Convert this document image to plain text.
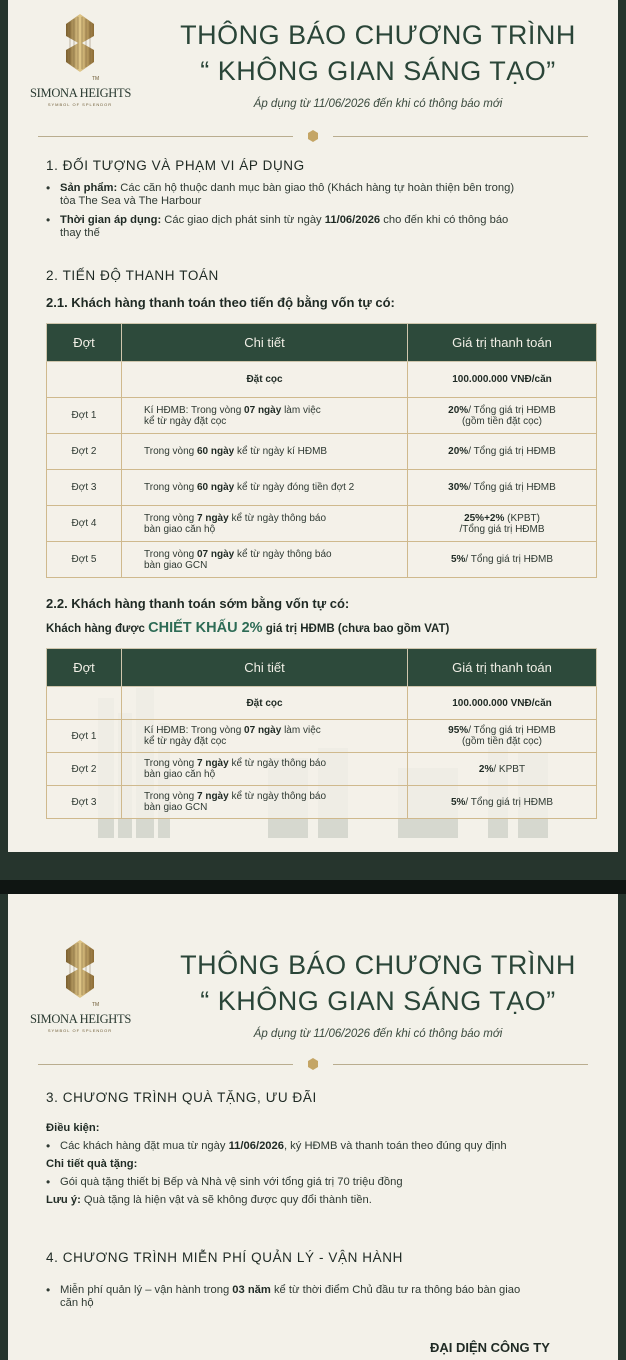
TM
SIMONA HEIGHTS
SYMBOL OF SPLENDOR
THÔNG BÁO CHƯƠNG TRÌNH
“ KHÔNG GIAN SÁNG TẠO”
Áp dụng từ 11/06/2026 đến khi có thông báo mới
1. ĐỐI TƯỢNG VÀ PHẠM VI ÁP DỤNG
• Sản phẩm: Các căn hộ thuộc danh mục bàn giao thô (Khách hàng tự hoàn thiện bên trong)
tòa The Sea và The Harbour
• Thời gian áp dụng: Các giao dịch phát sinh từ ngày 11/06/2026 cho đến khi có thông báo
thay thế
2. TIẾN ĐỘ THANH TOÁN
2.1. Khách hàng thanh toán theo tiến độ bằng vốn tự có:
Đợt	Chi tiết	Giá trị thanh toán
	Đặt cọc	100.000.000 VNĐ/căn
Đợt 1	Kí HĐMB: Trong vòng 07 ngày làm việc
kể từ ngày đặt cọc	20%/ Tổng giá trị HĐMB
(gồm tiền đặt cọc)
Đợt 2	Trong vòng 60 ngày kể từ ngày kí HĐMB	20%/ Tổng giá trị HĐMB
Đợt 3	Trong vòng 60 ngày kể từ ngày đóng tiền đợt 2	30%/ Tổng giá trị HĐMB
Đợt 4	Trong vòng 7 ngày kể từ ngày thông báo
bàn giao căn hộ	25%+2% (KPBT)
/Tổng giá trị HĐMB
Đợt 5	Trong vòng 07 ngày kể từ ngày thông báo
bàn giao GCN	5%/ Tổng giá trị HĐMB
2.2. Khách hàng thanh toán sớm bằng vốn tự có:
Khách hàng được CHIẾT KHẤU 2% giá trị HĐMB (chưa bao gồm VAT)
Đợt	Chi tiết	Giá trị thanh toán
	Đặt cọc	100.000.000 VNĐ/căn
Đợt 1	Kí HĐMB: Trong vòng 07 ngày làm việc
kể từ ngày đặt cọc	95%/ Tổng giá trị HĐMB
(gồm tiền đặt cọc)
Đợt 2	Trong vòng 7 ngày kể từ ngày thông báo
bàn giao căn hộ	2%/ KPBT
Đợt 3	Trong vòng 7 ngày kể từ ngày thông báo
bàn giao GCN	5%/ Tổng giá trị HĐMB
TM
SIMONA HEIGHTS
SYMBOL OF SPLENDOR
THÔNG BÁO CHƯƠNG TRÌNH
“ KHÔNG GIAN SÁNG TẠO”
Áp dụng từ 11/06/2026 đến khi có thông báo mới
3. CHƯƠNG TRÌNH QUÀ TẶNG, ƯU ĐÃI
Điều kiện:
• Các khách hàng đặt mua từ ngày 11/06/2026, ký HĐMB và thanh toán theo đúng quy định
Chi tiết quà tặng:
• Gói quà tặng thiết bị Bếp và Nhà vệ sinh với tổng giá trị 70 triệu đồng
Lưu ý: Quà tặng là hiện vật và sẽ không được quy đổi thành tiền.
4. CHƯƠNG TRÌNH MIỄN PHÍ QUẢN LÝ - VẬN HÀNH
• Miễn phí quản lý – vận hành trong 03 năm kể từ thời điểm Chủ đầu tư ra thông báo bàn giao
căn hộ
ĐẠI DIỆN CÔNG TY
